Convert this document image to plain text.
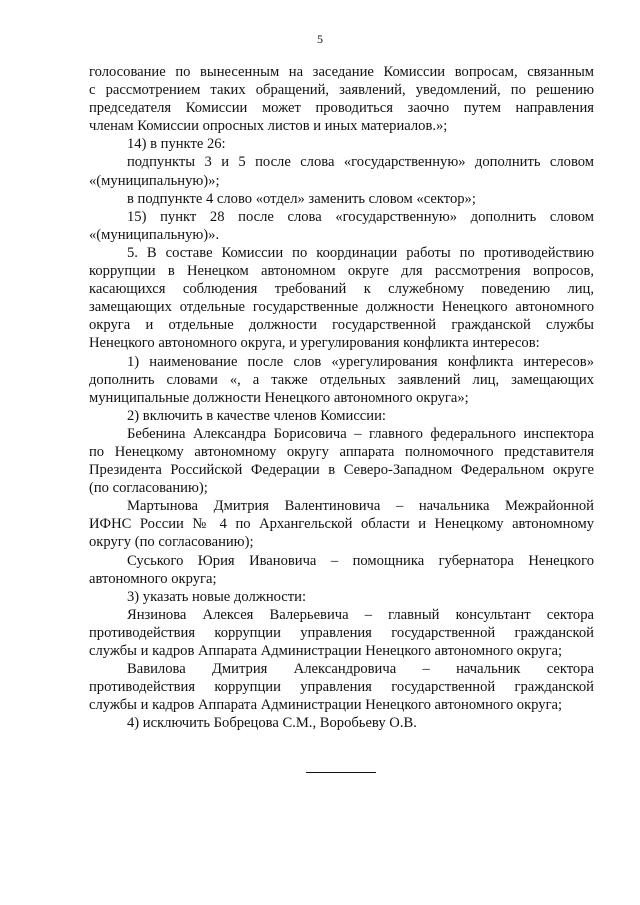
5
голосование по вынесенным на заседание Комиссии вопросам, связанным
с рассмотрением таких обращений, заявлений, уведомлений, по решению
председателя Комиссии может проводиться заочно путем направления
членам Комиссии опросных листов и иных материалов.»;
14) в пункте 26:
подпункты 3 и 5 после слова «государственную» дополнить словом
«(муниципальную)»;
в подпункте 4 слово «отдел» заменить словом «сектор»;
15) пункт 28 после слова «государственную» дополнить словом
«(муниципальную)».
5. В составе Комиссии по координации работы по противодействию
коррупции в Ненецком автономном округе для рассмотрения вопросов,
касающихся соблюдения требований к служебному поведению лиц,
замещающих отдельные государственные должности Ненецкого автономного
округа и отдельные должности государственной гражданской службы
Ненецкого автономного округа, и урегулирования конфликта интересов:
1) наименование после слов «урегулирования конфликта интересов»
дополнить словами «, а также отдельных заявлений лиц, замещающих
муниципальные должности Ненецкого автономного округа»;
2) включить в качестве членов Комиссии:
Бебенина Александра Борисовича – главного федерального инспектора
по Ненецкому автономному округу аппарата полномочного представителя
Президента Российской Федерации в Северо-Западном Федеральном округе
(по согласованию);
Мартынова Дмитрия Валентиновича – начальника Межрайонной
ИФНС России № 4 по Архангельской области и Ненецкому автономному
округу (по согласованию);
Суського Юрия Ивановича – помощника губернатора Ненецкого
автономного округа;
3) указать новые должности:
Янзинова Алексея Валерьевича – главный консультант сектора
противодействия коррупции управления государственной гражданской
службы и кадров Аппарата Администрации Ненецкого автономного округа;
Вавилова Дмитрия Александровича – начальник сектора
противодействия коррупции управления государственной гражданской
службы и кадров Аппарата Администрации Ненецкого автономного округа;
4) исключить Бобрецова С.М., Воробьеву О.В.
